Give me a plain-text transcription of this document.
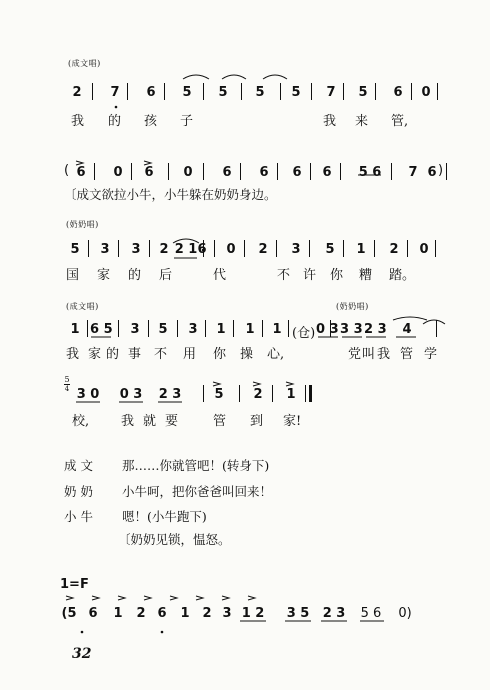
(成文唱)
2 7 6 5 5 5 5 7 5 6 0
我 的 孩 子	我 来 管,
( 6 0 6 0 6 6 6 6 5 6 7 6 )
〔成文欲拉小牛，小牛躲在奶奶身边。
(奶奶唱)
5 3 3 2 2 1 6 0 2 3 5 1 2 0
国 家 的 后	代	不 许 你 糟 踏。
(成文唱)	(奶奶唱)
1 6 5 3 5 3 1 1 1 (仓) 0 3 3 3 2 3	4
我 家 的 事 不 用 你 操 心,	党 叫 我 管 学
5
4 3 0 0 3 2 3	5 2 1
校, 我 就 要	管 到 家!
成 文 那……你就管吧！(转身下)
奶 奶 小牛呵，把你爸爸叫回来！
小 牛 嗯！(小牛跑下)
〔奶奶见锁，愠怒。
1=F
(5 6 1 2 6 1 2 3 1 2 3 5 2 3	5 6	0)
32
